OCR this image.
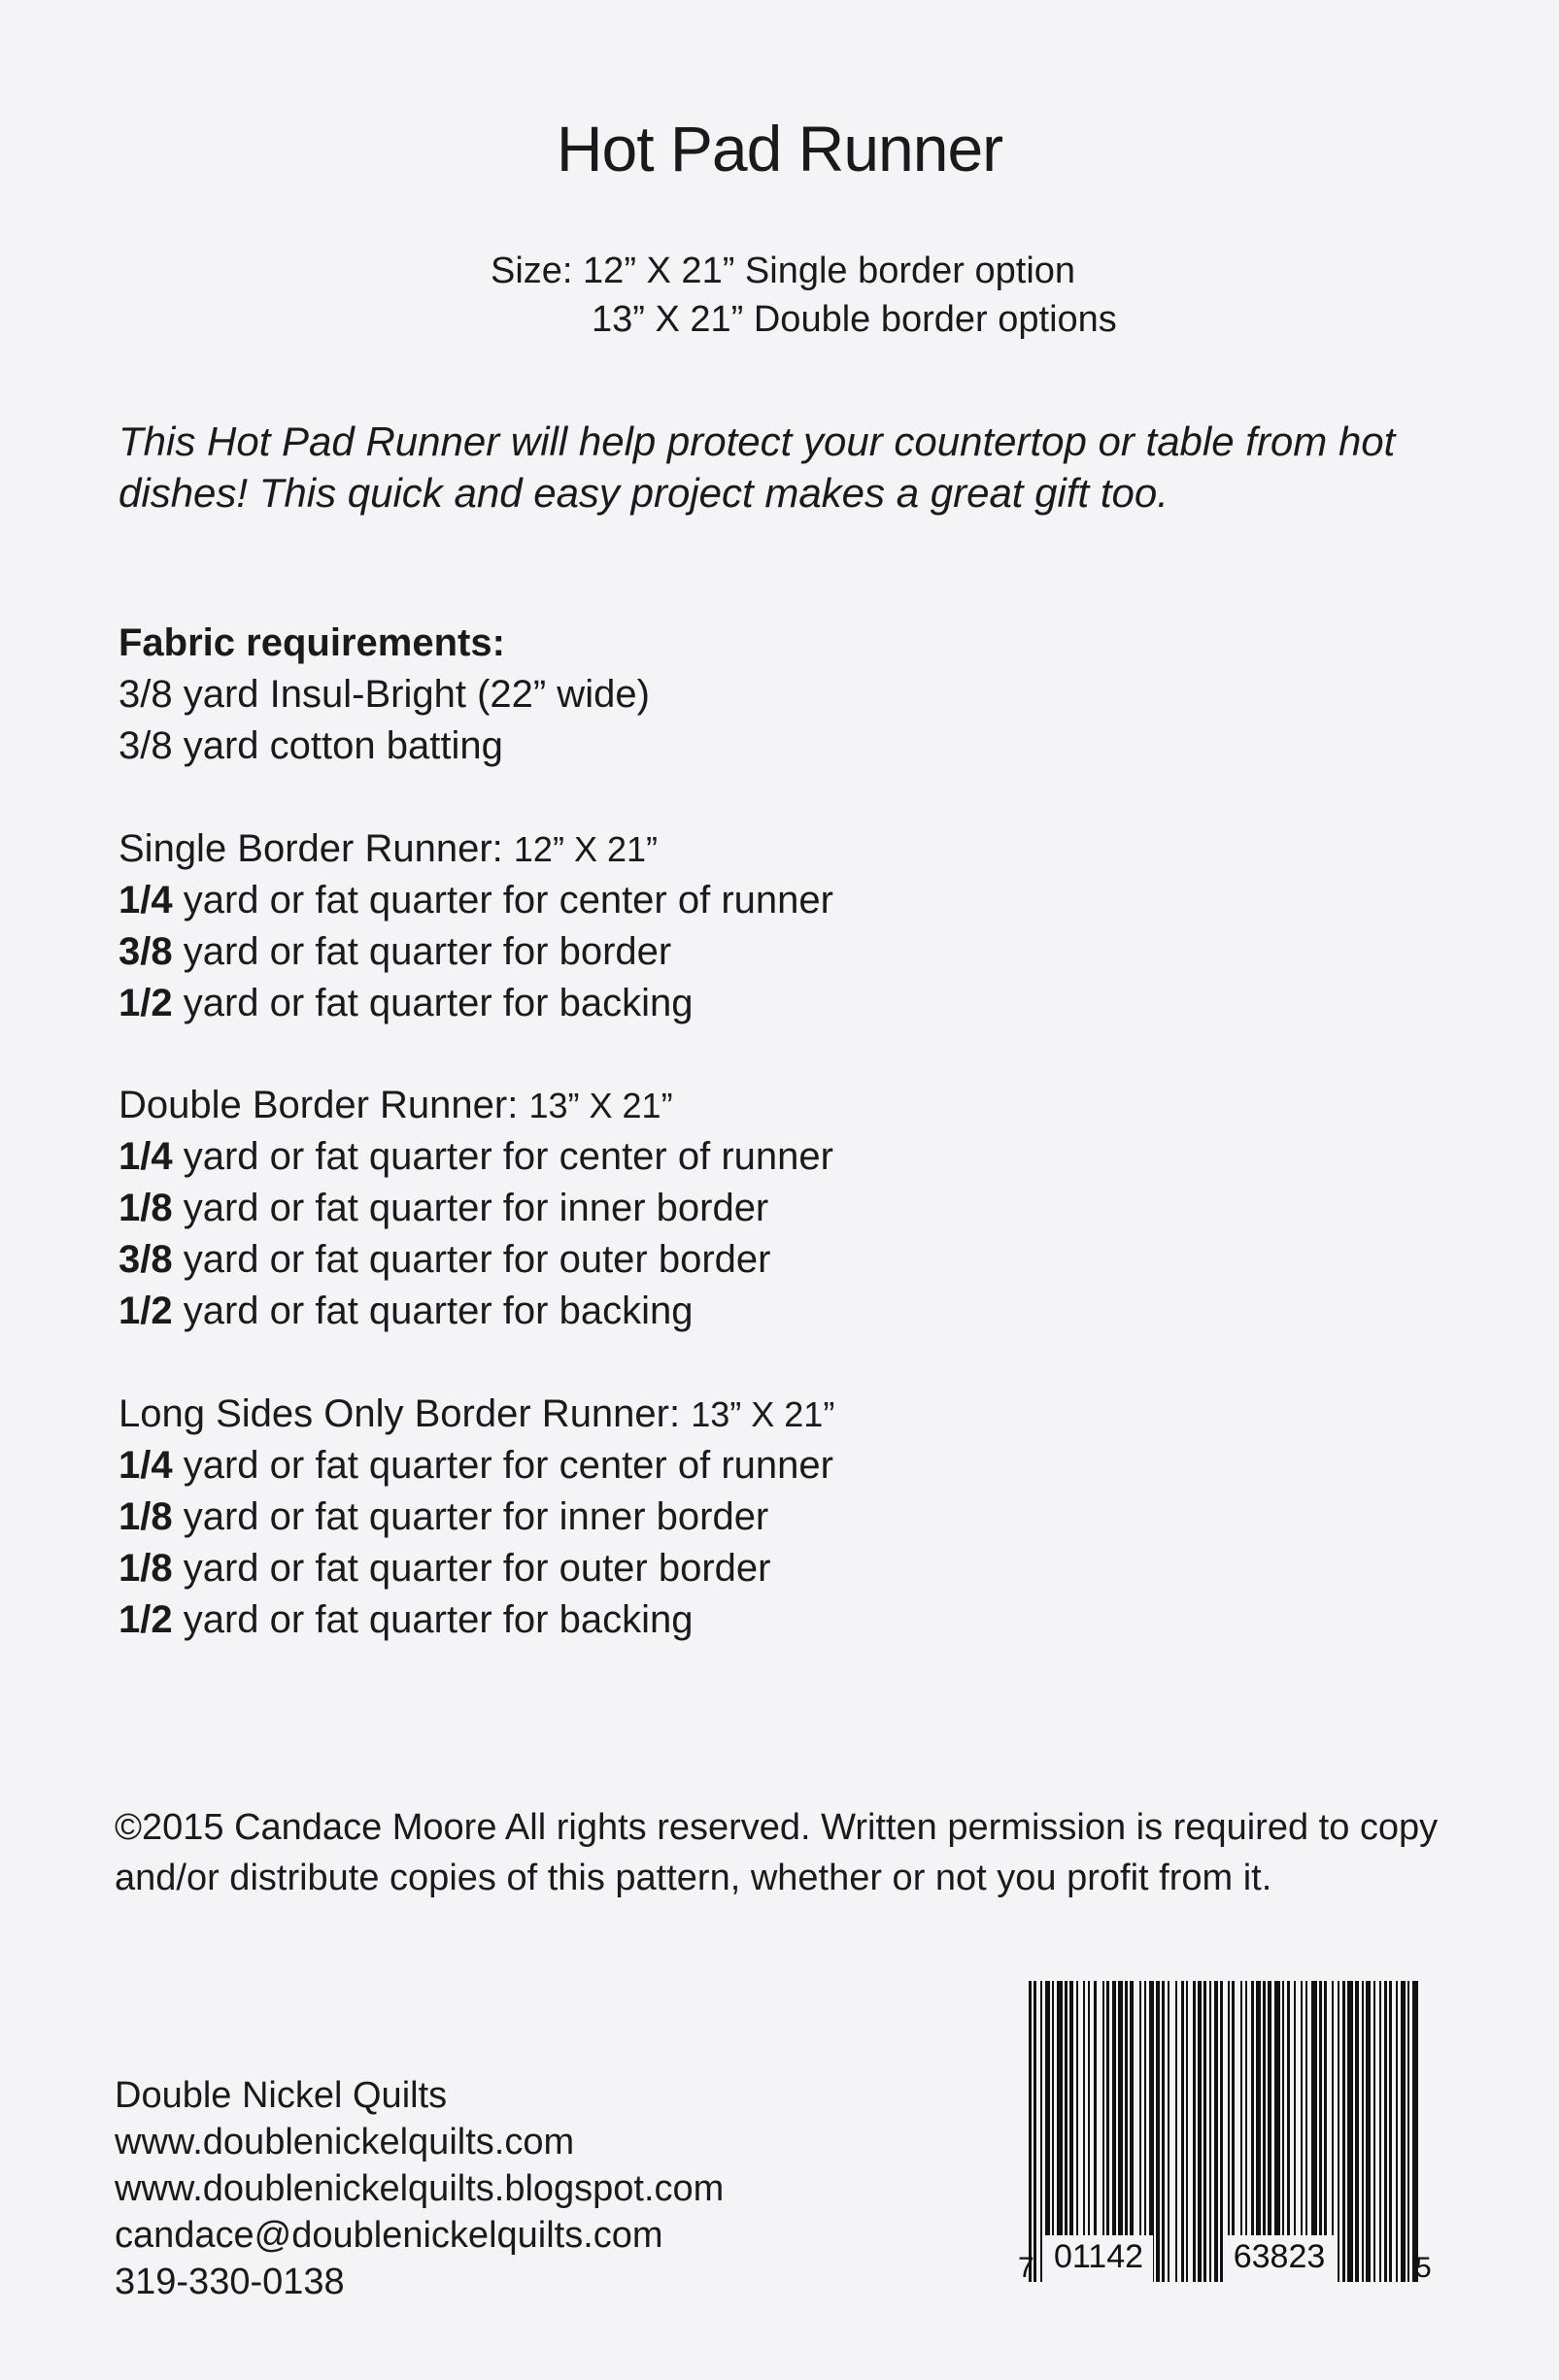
Hot Pad Runner
Size: 12” X 21” Single border option
13” X 21” Double border options
This Hot Pad Runner will help protect your countertop or table from hot dishes! This quick and easy project makes a great gift too.
Fabric requirements:
3/8 yard Insul-Bright (22” wide)
3/8 yard cotton batting
Single Border Runner: 12” X 21”
1/4 yard or fat quarter for center of runner
3/8 yard or fat quarter for border
1/2 yard or fat quarter for backing
Double Border Runner: 13” X 21”
1/4 yard or fat quarter for center of runner
1/8 yard or fat quarter for inner border
3/8 yard or fat quarter for outer border
1/2 yard or fat quarter for backing
Long Sides Only Border Runner: 13” X 21”
1/4 yard or fat quarter for center of runner
1/8 yard or fat quarter for inner border
1/8 yard or fat quarter for outer border
1/2 yard or fat quarter for backing
©2015 Candace Moore All rights reserved. Written permission is required to copy and/or distribute copies of this pattern, whether or not you profit from it.
Double Nickel Quilts
www.doublenickelquilts.com
www.doublenickelquilts.blogspot.com
candace@doublenickelquilts.com
319-330-0138	7 01142	63823	5
